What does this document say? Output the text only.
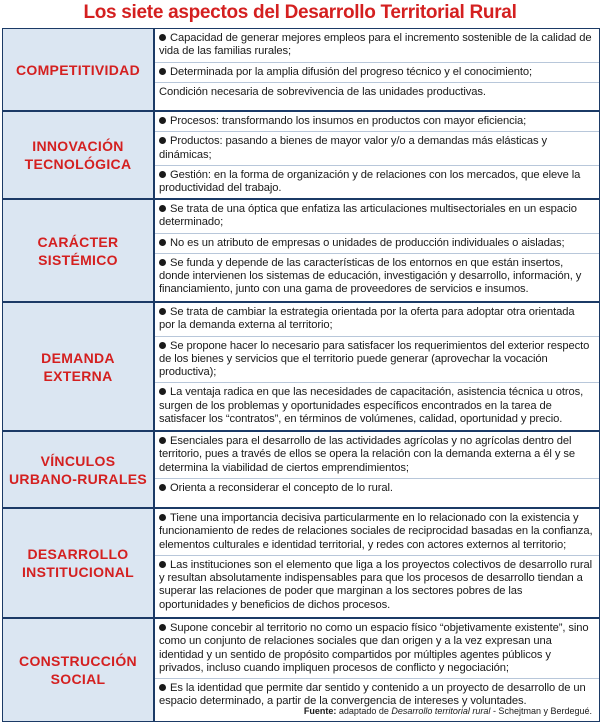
Los siete aspectos del Desarrollo Territorial Rural
COMPETITIVIDAD
Capacidad de generar mejores empleos para el incremento sostenible de la calidad de vida de las familias rurales;
Determinada por la amplia difusión del progreso técnico y el conocimiento;
Condición necesaria de sobrevivencia de las unidades productivas.
INNOVACIÓN
TECNOLÓGICA
Procesos: transformando los insumos en productos con mayor eficiencia;
Productos: pasando a bienes de mayor valor y/o a demandas más elásticas y dinámicas;
Gestión: en la forma de organización y de relaciones con los mercados, que eleve la productividad del trabajo.
CARÁCTER
SISTÉMICO
Se trata de una óptica que enfatiza las articulaciones multisectoriales en un espacio determinado;
No es un atributo de empresas o unidades de producción individuales o aisladas;
Se funda y depende de las características de los entornos en que están insertos, donde intervienen los sistemas de educación, investigación y desarrollo, información, y financiamiento, junto con una gama de proveedores de servicios e insumos.
DEMANDA
EXTERNA
Se trata de cambiar la estrategia orientada por la oferta para adoptar otra orientada por la demanda externa al territorio;
Se propone hacer lo necesario para satisfacer los requerimientos del exterior respecto de los bienes y servicios que el territorio puede generar (aprovechar la vocación productiva);
La ventaja radica en que las necesidades de capacitación, asistencia técnica u otros, surgen de los problemas y oportunidades específicos encontrados en la tarea de satisfacer los “contratos”, en términos de volúmenes, calidad, oportunidad y precio.
VÍNCULOS
URBANO-RURALES
Esenciales para el desarrollo de las actividades agrícolas y no agrícolas dentro del territorio, pues a través de ellos se opera la relación con la demanda externa a él y se determina la viabilidad de ciertos emprendimientos;
Orienta a reconsiderar el concepto de lo rural.
DESARROLLO
INSTITUCIONAL
Tiene una importancia decisiva particularmente en lo relacionado con la existencia y funcionamiento de redes de relaciones sociales de reciprocidad basadas en la confianza, elementos culturales e identidad territorial, y redes con actores externos al territorio;
Las instituciones son el elemento que liga a los proyectos colectivos de desarrollo rural y resultan absolutamente indispensables para que los procesos de desarrollo tiendan a superar las relaciones de poder que marginan a los sectores pobres de las oportunidades y beneficios de dichos procesos.
CONSTRUCCIÓN
SOCIAL
Supone concebir al territorio no como un espacio físico “objetivamente existente”, sino como un conjunto de relaciones sociales que dan origen y a la vez expresan una identidad y un sentido de propósito compartidos por múltiples agentes públicos y privados, incluso cuando impliquen procesos de conflicto y negociación;
Es la identidad que permite dar sentido y contenido a un proyecto de desarrollo de un espacio determinado, a partir de la convergencia de intereses y voluntades.
Fuente: adaptado de Desarrollo territorial rural - Schejtman y Berdegué.
